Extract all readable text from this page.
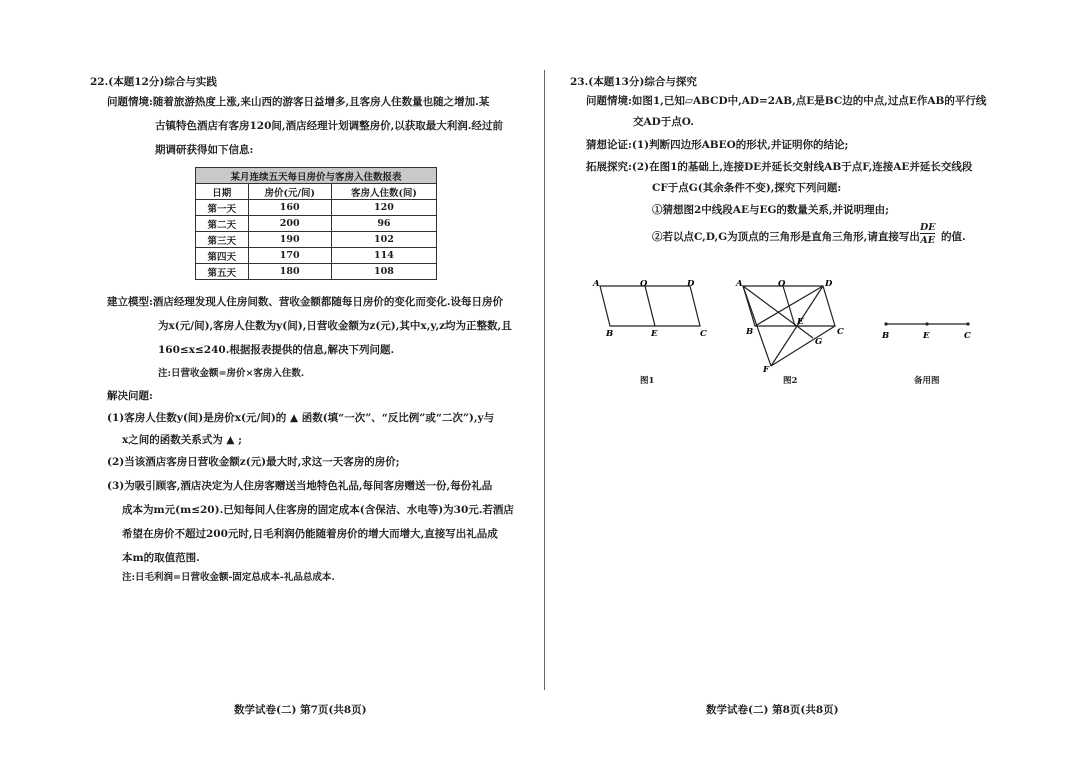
22.(本题12分)综合与实践
问题情境:随着旅游热度上涨,来山西的游客日益增多,且客房人住数量也随之增加.某
古镇特色酒店有客房120间,酒店经理计划调整房价,以获取最大利润.经过前
期调研获得如下信息:
某月连续五天每日房价与客房入住数报表		
日期	房价(元/间)	客房人住数(间)
第一天	160	120
第二天	200	96
第三天	190	102
第四天	170	114
第五天	180	108
建立模型:酒店经理发现人住房间数、营收金额都随每日房价的变化而变化.设每日房价
为x(元/间),客房人住数为y(间),日营收金额为z(元),其中x,y,z均为正整数,且
160≤x≤240.根据报表提供的信息,解决下列问题.
注:日营收金额=房价×客房入住数.
解决问题:
(1)客房人住数y(间)是房价x(元/间)的 ▲ 函数(填“一次”、“反比例”或“二次”),y与
x之间的函数关系式为 ▲ ;
(2)当该酒店客房日营收金额z(元)最大时,求这一天客房的房价;
(3)为吸引顾客,酒店决定为人住房客赠送当地特色礼品,每间客房赠送一份,每份礼品
成本为m元(m≤20).已知每间人住客房的固定成本(含保洁、水电等)为30元.若酒店
希望在房价不超过200元时,日毛利润仍能随着房价的增大而增大,直接写出礼品成
本m的取值范围.
注:日毛利润=日营收金额-固定总成本-礼品总成本.
数学试卷(二) 第7页(共8页)
23.(本题13分)综合与探究
问题情境:如图1,已知▱ABCD中,AD=2AB,点E是BC边的中点,过点E作AB的平行线
交AD于点O.
猜想论证:(1)判断四边形ABEO的形状,并证明你的结论;
拓展探究:(2)在图1的基础上,连接DE并延长交射线AB于点F,连接AE并延长交线段
CF于点G(其余条件不变),探究下列问题:
①猜想图2中线段AE与EG的数量关系,并说明理由;
②若以点C,D,G为顶点的三角形是直角三角形,请直接写出 $\frac{DE}{AE}$ 的值.
A	O	D
B	E	C
图1
A	O	D
B
E
C
G
F
图2
B	E	C
备用图
数学试卷(二) 第8页(共8页)
